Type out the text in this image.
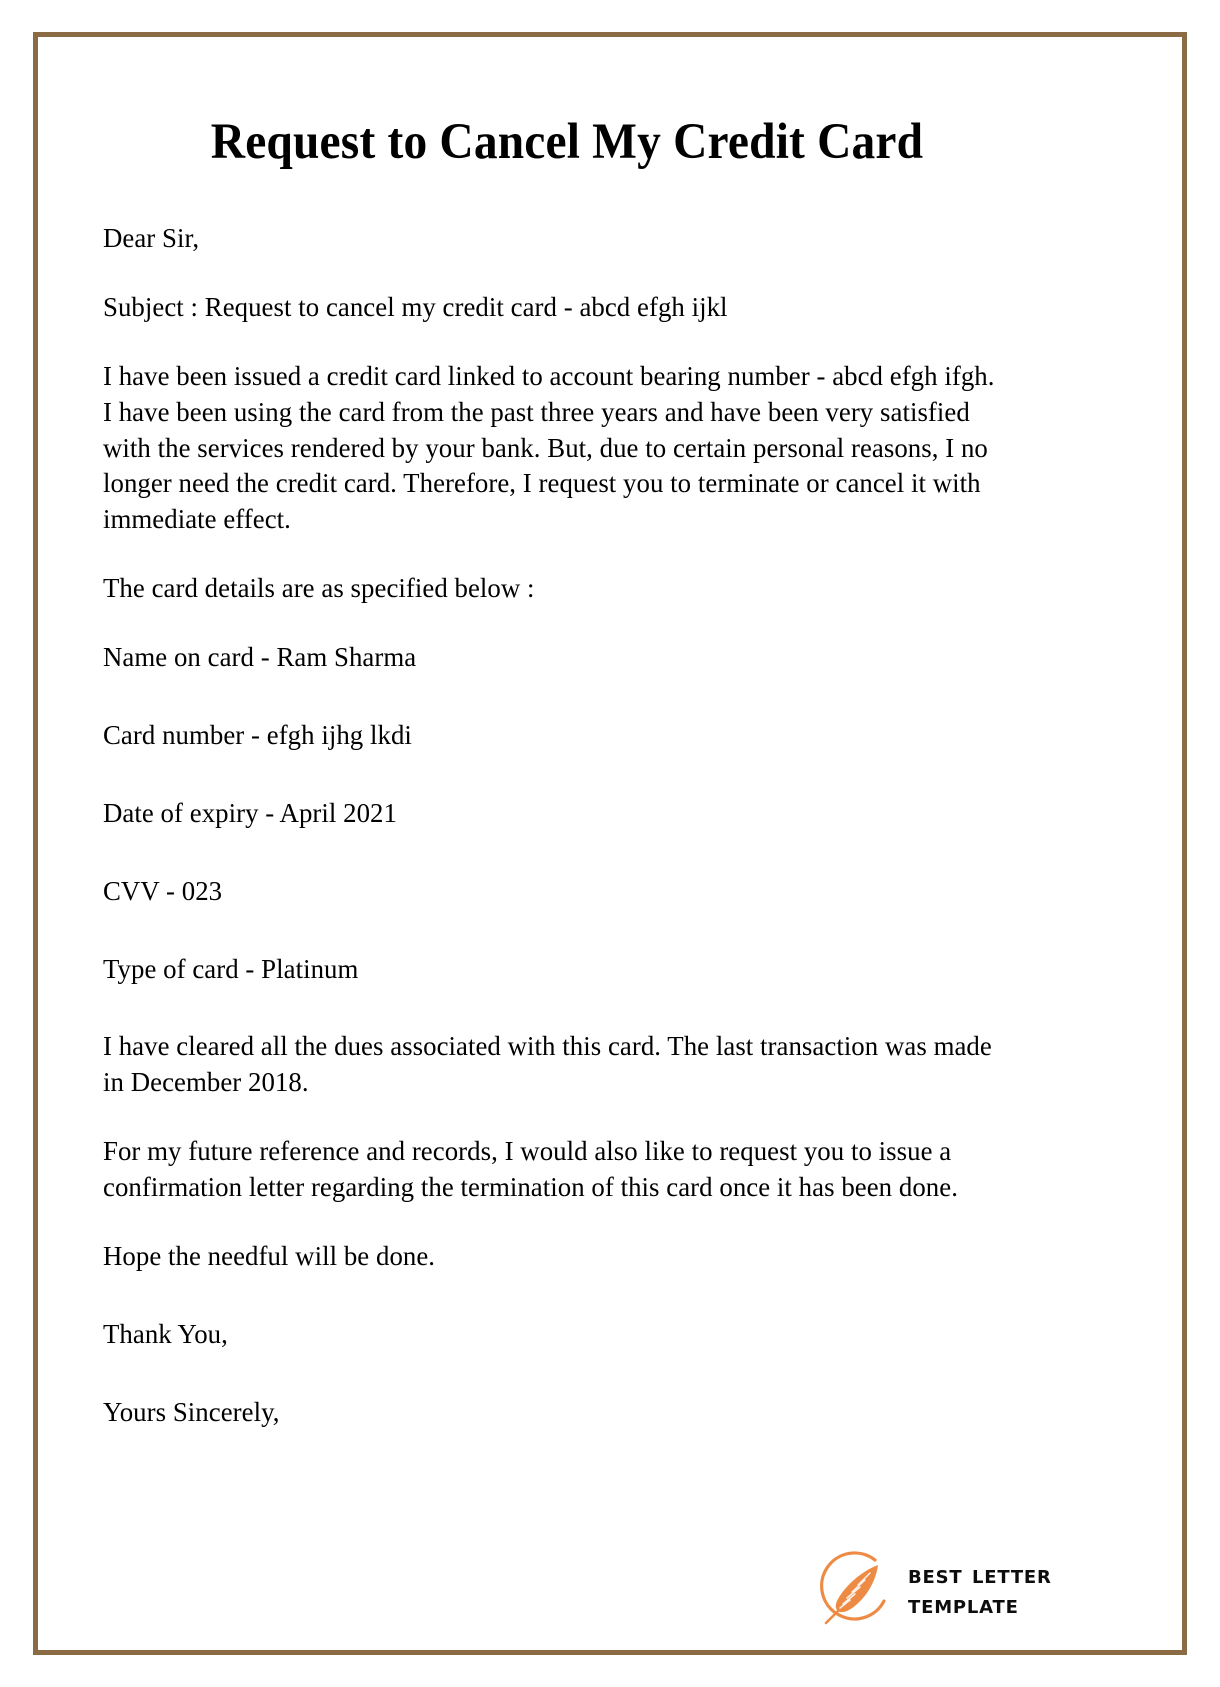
Request to Cancel My Credit Card

Dear Sir,

Subject : Request to cancel my credit card - abcd efgh ijkl

I have been issued a credit card linked to account bearing number - abcd efgh ifgh. I have been using the card from the past three years and have been very satisfied with the services rendered by your bank. But, due to certain personal reasons, I no longer need the credit card. Therefore, I request you to terminate or cancel it with immediate effect.

The card details are as specified below :

Name on card - Ram Sharma

Card number - efgh ijhg lkdi

Date of expiry - April 2021

CVV - 023

Type of card - Platinum

I have cleared all the dues associated with this card. The last transaction was made in December 2018.

For my future reference and records, I would also like to request you to issue a confirmation letter regarding the termination of this card once it has been done.

Hope the needful will be done.

Thank You,

Yours Sincerely,

best letter
template
